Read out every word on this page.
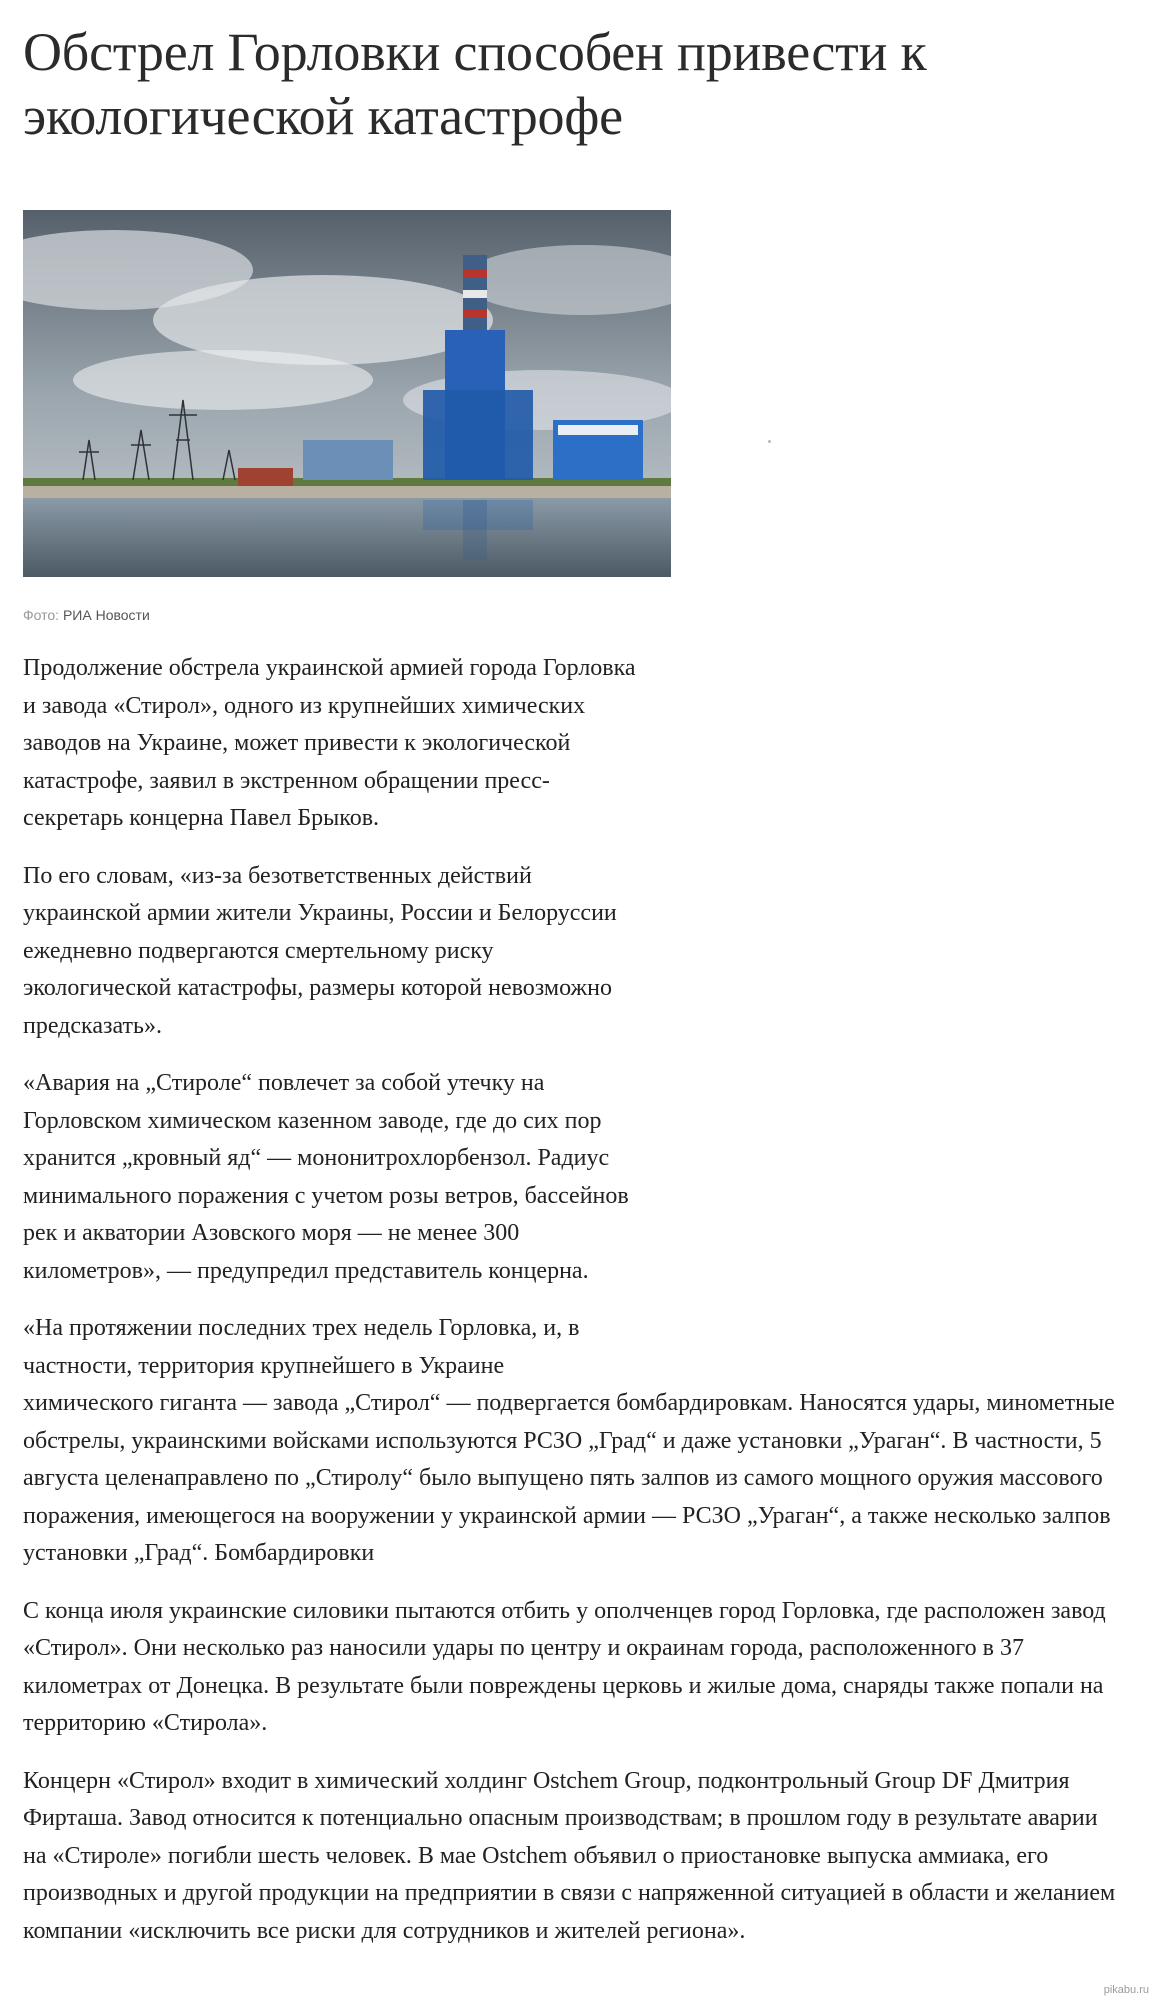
Обстрел Горловки способен привести к экологической катастрофе
Фото: РИА Новости

Продолжение обстрела украинской армией города Горловка и завода «Стирол», одного из крупнейших химических заводов на Украине, может привести к экологической катастрофе, заявил в экстренном обращении пресс-секретарь концерна Павел Брыков.

По его словам, «из-за безответственных действий украинской армии жители Украины, России и Белоруссии ежедневно подвергаются смертельному риску экологической катастрофы, размеры которой невозможно предсказать».

«Авария на „Стироле“ повлечет за собой утечку на Горловском химическом казенном заводе, где до сих пор хранится „кровный яд“ — мононитрохлорбензол. Радиус минимального поражения с учетом розы ветров, бассейнов рек и акватории Азовского моря — не менее 300 километров», — предупредил представитель концерна.

«На протяжении последних трех недель Горловка, и, в частности, территория крупнейшего в Украине

химического гиганта — завода „Стирол“ — подвергается бомбардировкам. Наносятся удары, минометные обстрелы, украинскими войсками используются РСЗО „Град“ и даже установки „Ураган“. В частности, 5 августа целенаправлено по „Стиролу“ было выпущено пять залпов из самого мощного оружия массового поражения, имеющегося на вооружении у украинской армии — РСЗО „Ураган“, а также несколько залпов установки „Град“. Бомбардировки

С конца июля украинские силовики пытаются отбить у ополченцев город Горловка, где расположен завод «Стирол». Они несколько раз наносили удары по центру и окраинам города, расположенного в 37 километрах от Донецка. В результате были повреждены церковь и жилые дома, снаряды также попали на территорию «Стирола».

Концерн «Стирол» входит в химический холдинг Ostchem Group, подконтрольный Group DF Дмитрия Фирташа. Завод относится к потенциально опасным производствам; в прошлом году в результате аварии на «Стироле» погибли шесть человек. В мае Ostchem объявил о приостановке выпуска аммиака, его производных и другой продукции на предприятии в связи с напряженной ситуацией в области и желанием компании «исключить все риски для сотрудников и жителей региона».

pikabu.ru
